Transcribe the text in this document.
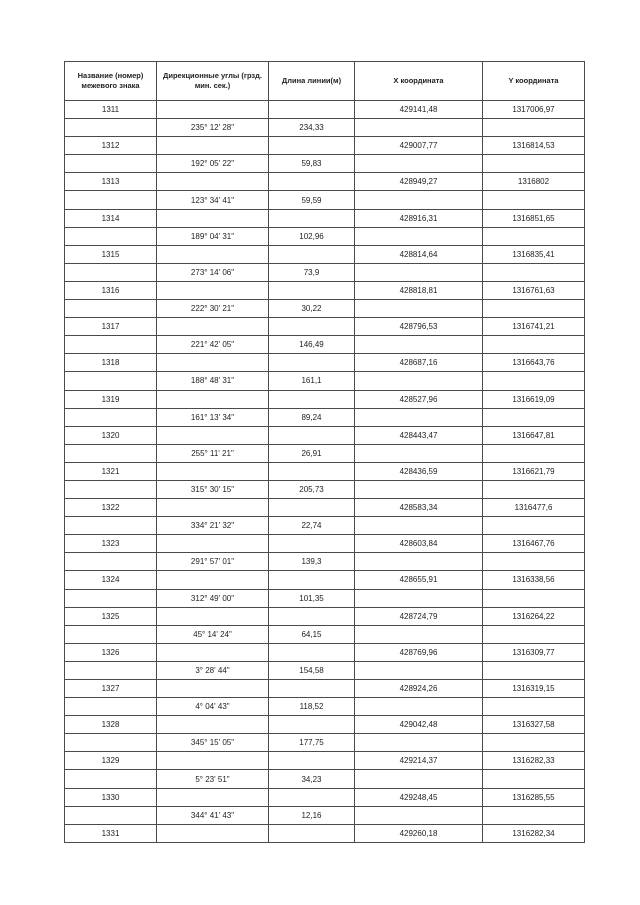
Название (номер) межевого знака	Дирекционные углы (грзд. мин. сек.)	Длина линии(м)	X координата	Y координата
1311			429141,48	1317006,97
	235° 12' 28"	234,33		
1312			429007,77	1316814,53
	192° 05' 22"	59,83		
1313			428949,27	1316802
	123° 34' 41"	59,59		
1314			428916,31	1316851,65
	189° 04' 31"	102,96		
1315			428814,64	1316835,41
	273° 14' 06"	73,9		
1316			428818,81	1316761,63
	222° 30' 21"	30,22		
1317			428796,53	1316741,21
	221° 42' 05"	146,49		
1318			428687,16	1316643,76
	188° 48' 31"	161,1		
1319			428527,96	1316619,09
	161° 13' 34"	89,24		
1320			428443,47	1316647,81
	255° 11' 21"	26,91		
1321			428436,59	1316621,79
	315° 30' 15"	205,73		
1322			428583,34	1316477,6
	334° 21' 32"	22,74		
1323			428603,84	1316467,76
	291° 57' 01"	139,3		
1324			428655,91	1316338,56
	312° 49' 00"	101,35		
1325			428724,79	1316264,22
	45° 14' 24"	64,15		
1326			428769,96	1316309,77
	3° 28' 44"	154,58		
1327			428924,26	1316319,15
	4° 04' 43"	118,52		
1328			429042,48	1316327,58
	345° 15' 05"	177,75		
1329			429214,37	1316282,33
	5° 23' 51"	34,23		
1330			429248,45	1316285,55
	344° 41' 43"	12,16		
1331			429260,18	1316282,34
